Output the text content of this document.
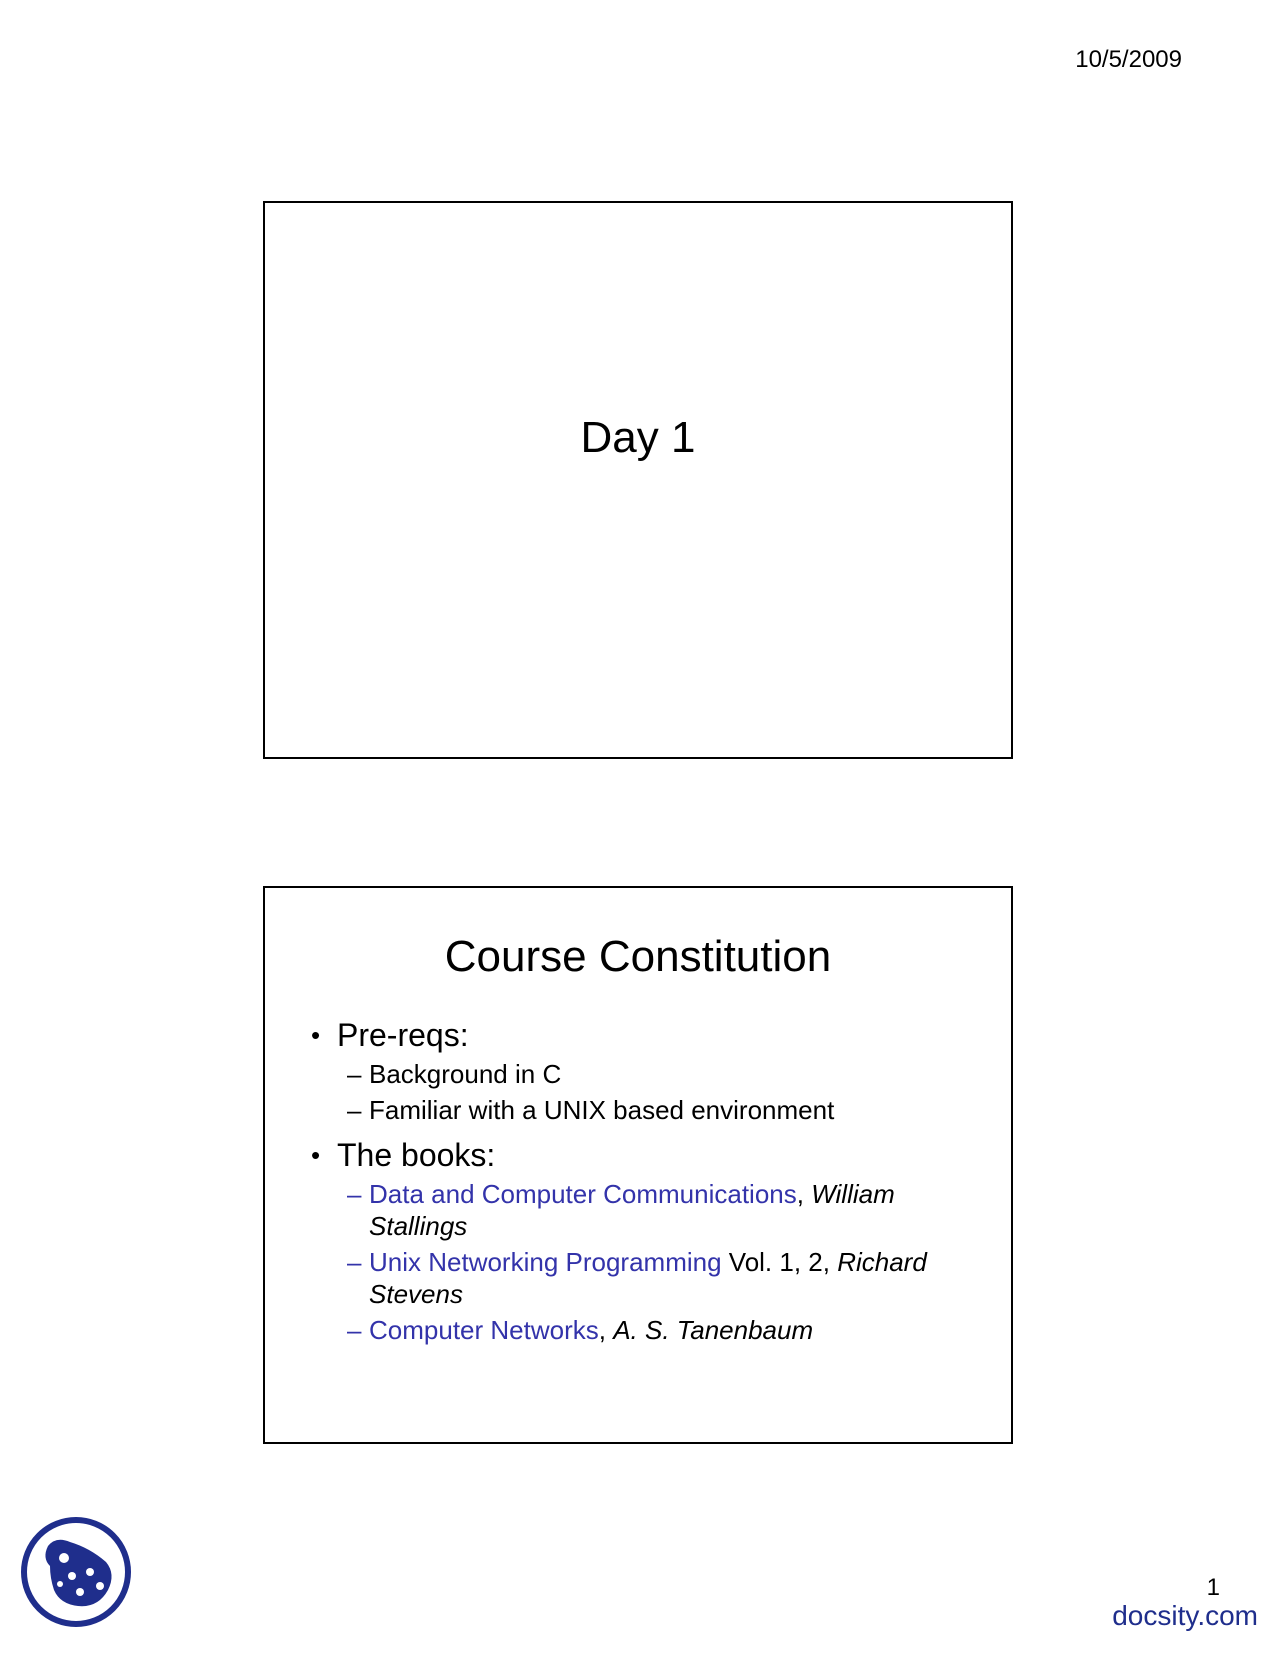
10/5/2009
Day 1
Course Constitution
• Pre-reqs:
– Background in C
– Familiar with a UNIX based environment
• The books:
– Data and Computer Communications, William Stallings
– Unix Networking Programming Vol. 1, 2, Richard Stevens
– Computer Networks, A. S. Tanenbaum
1
docsity.com
